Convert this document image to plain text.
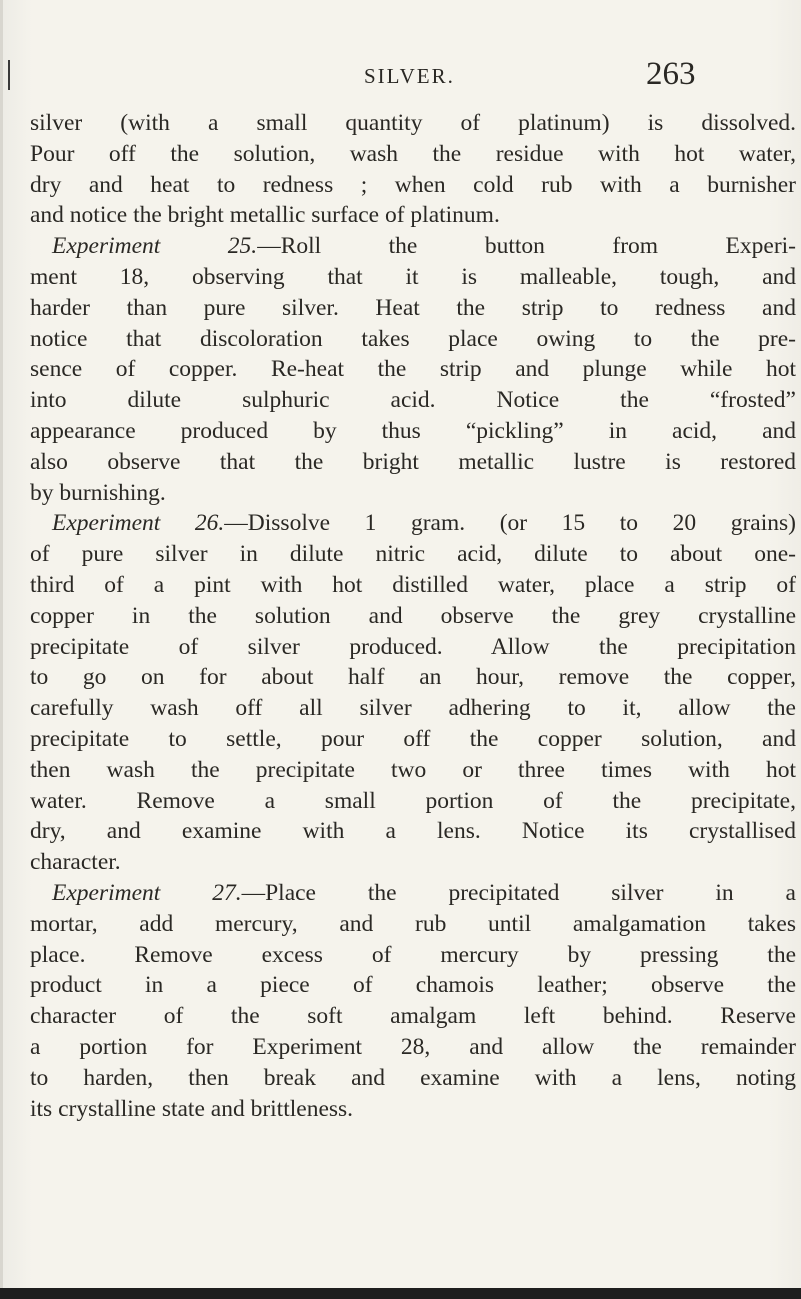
SILVER.	263
silver (with a small quantity of platinum) is dissolved.
Pour off the solution, wash the residue with hot water,
dry and heat to redness ; when cold rub with a burnisher
and notice the bright metallic surface of platinum.
Experiment 25.—Roll the button from Experi-
ment 18, observing that it is malleable, tough, and
harder than pure silver. Heat the strip to redness and
notice that discoloration takes place owing to the pre-
sence of copper. Re-heat the strip and plunge while hot
into dilute sulphuric acid. Notice the “frosted”
appearance produced by thus “pickling” in acid, and
also observe that the bright metallic lustre is restored
by burnishing.
Experiment 26.—Dissolve 1 gram. (or 15 to 20 grains)
of pure silver in dilute nitric acid, dilute to about one-
third of a pint with hot distilled water, place a strip of
copper in the solution and observe the grey crystalline
precipitate of silver produced. Allow the precipitation
to go on for about half an hour, remove the copper,
carefully wash off all silver adhering to it, allow the
precipitate to settle, pour off the copper solution, and
then wash the precipitate two or three times with hot
water. Remove a small portion of the precipitate,
dry, and examine with a lens. Notice its crystallised
character.
Experiment 27.—Place the precipitated silver in a
mortar, add mercury, and rub until amalgamation takes
place. Remove excess of mercury by pressing the
product in a piece of chamois leather; observe the
character of the soft amalgam left behind. Reserve
a portion for Experiment 28, and allow the remainder
to harden, then break and examine with a lens, noting
its crystalline state and brittleness.
